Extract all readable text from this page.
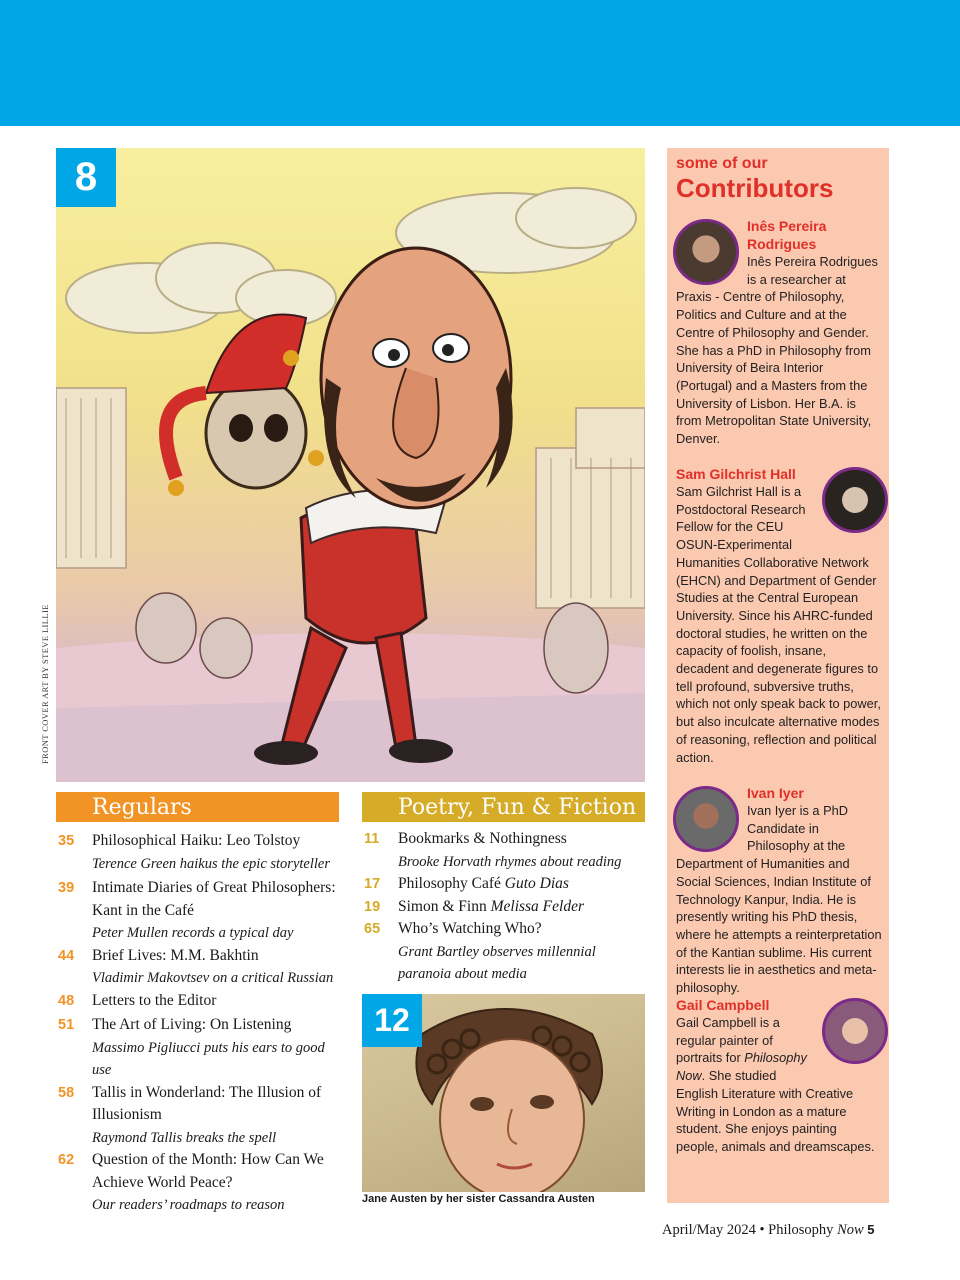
8
FRONT COVER ART BY STEVE LILLIE
Regulars
35	Philosophical Haiku: Leo Tolstoy
Terence Green haikus the epic storyteller
39	Intimate Diaries of Great Philosophers: Kant in the Café
Peter Mullen records a typical day
44	Brief Lives: M.M. Bakhtin
Vladimir Makovtsev on a critical Russian
48	Letters to the Editor
51	The Art of Living: On Listening
Massimo Pigliucci puts his ears to good use
58	Tallis in Wonderland: The Illusion of Illusionism
Raymond Tallis breaks the spell
62	Question of the Month: How Can We Achieve World Peace?
Our readers’ roadmaps to reason
Poetry, Fun & Fiction
11	Bookmarks & Nothingness
Brooke Horvath rhymes about reading
17	Philosophy Café Guto Dias
19	Simon & Finn Melissa Felder
65	Who’s Watching Who?
Grant Bartley observes millennial paranoia about media
12
Jane Austen by her sister Cassandra Austen
some of our
Contributors
Inês Pereira Rodrigues
Inês Pereira Rodrigues is a researcher at Praxis - Centre of Philosophy, Politics and Culture and at the Centre of Philosophy and Gender. She has a PhD in Philosophy from University of Beira Interior (Portugal) and a Masters from the University of Lisbon. Her B.A. is from Metropolitan State University, Denver.
Sam Gilchrist Hall
Sam Gilchrist Hall is a Postdoctoral Research Fellow for the CEU OSUN-Experimental Humanities Collaborative Network (EHCN) and Department of Gender Studies at the Central European University. Since his AHRC-funded doctoral studies, he written on the capacity of foolish, insane, decadent and degenerate figures to tell profound, subversive truths, which not only speak back to power, but also inculcate alternative modes of reasoning, reflection and political action.
Ivan Iyer
Ivan Iyer is a PhD Candidate in Philosophy at the Department of Humanities and Social Sciences, Indian Institute of Technology Kanpur, India. He is presently writing his PhD thesis, where he attempts a reinterpretation of the Kantian sublime. His current interests lie in aesthetics and meta-philosophy.
Gail Campbell
Gail Campbell is a regular painter of portraits for Philosophy Now. She studied English Literature with Creative Writing in London as a mature student. She enjoys painting people, animals and dreamscapes.
April/May 2024 • Philosophy Now 5
